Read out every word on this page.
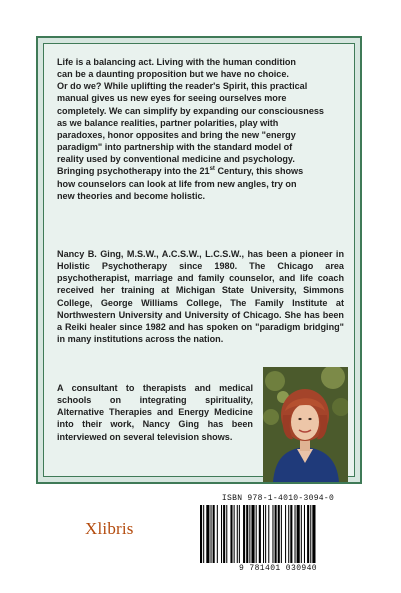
Life is a balancing act. Living with the human condition
can be a daunting proposition but we have no choice.
Or do we? While uplifting the reader's Spirit, this practical
manual gives us new eyes for seeing ourselves more
completely. We can simplify by expanding our consciousness
as we balance realities, partner polarities, play with
paradoxes, honor opposites and bring the new "energy
paradigm" into partnership with the standard model of
reality used by conventional medicine and psychology.
Bringing psychotherapy into the 21st Century, this shows
how counselors can look at life from new angles, try on
new theories and become holistic.
Nancy B. Ging, M.S.W., A.C.S.W., L.C.S.W., has been a pioneer in Holistic Psychotherapy since 1980. The Chicago area psychotherapist, marriage and family counselor, and life coach received her training at Michigan State University, Simmons College, George Williams College, The Family Institute at Northwestern University and University of Chicago. She has been a Reiki healer since 1982 and has spoken on "paradigm bridging" in many institutions across the nation.
A consultant to therapists and medical schools on integrating spirituality, Alternative Therapies and Energy Medicine into their work, Nancy Ging has been interviewed on several television shows.
Xlibris
ISBN 978-1-4010-3094-0
9 781401 030940
